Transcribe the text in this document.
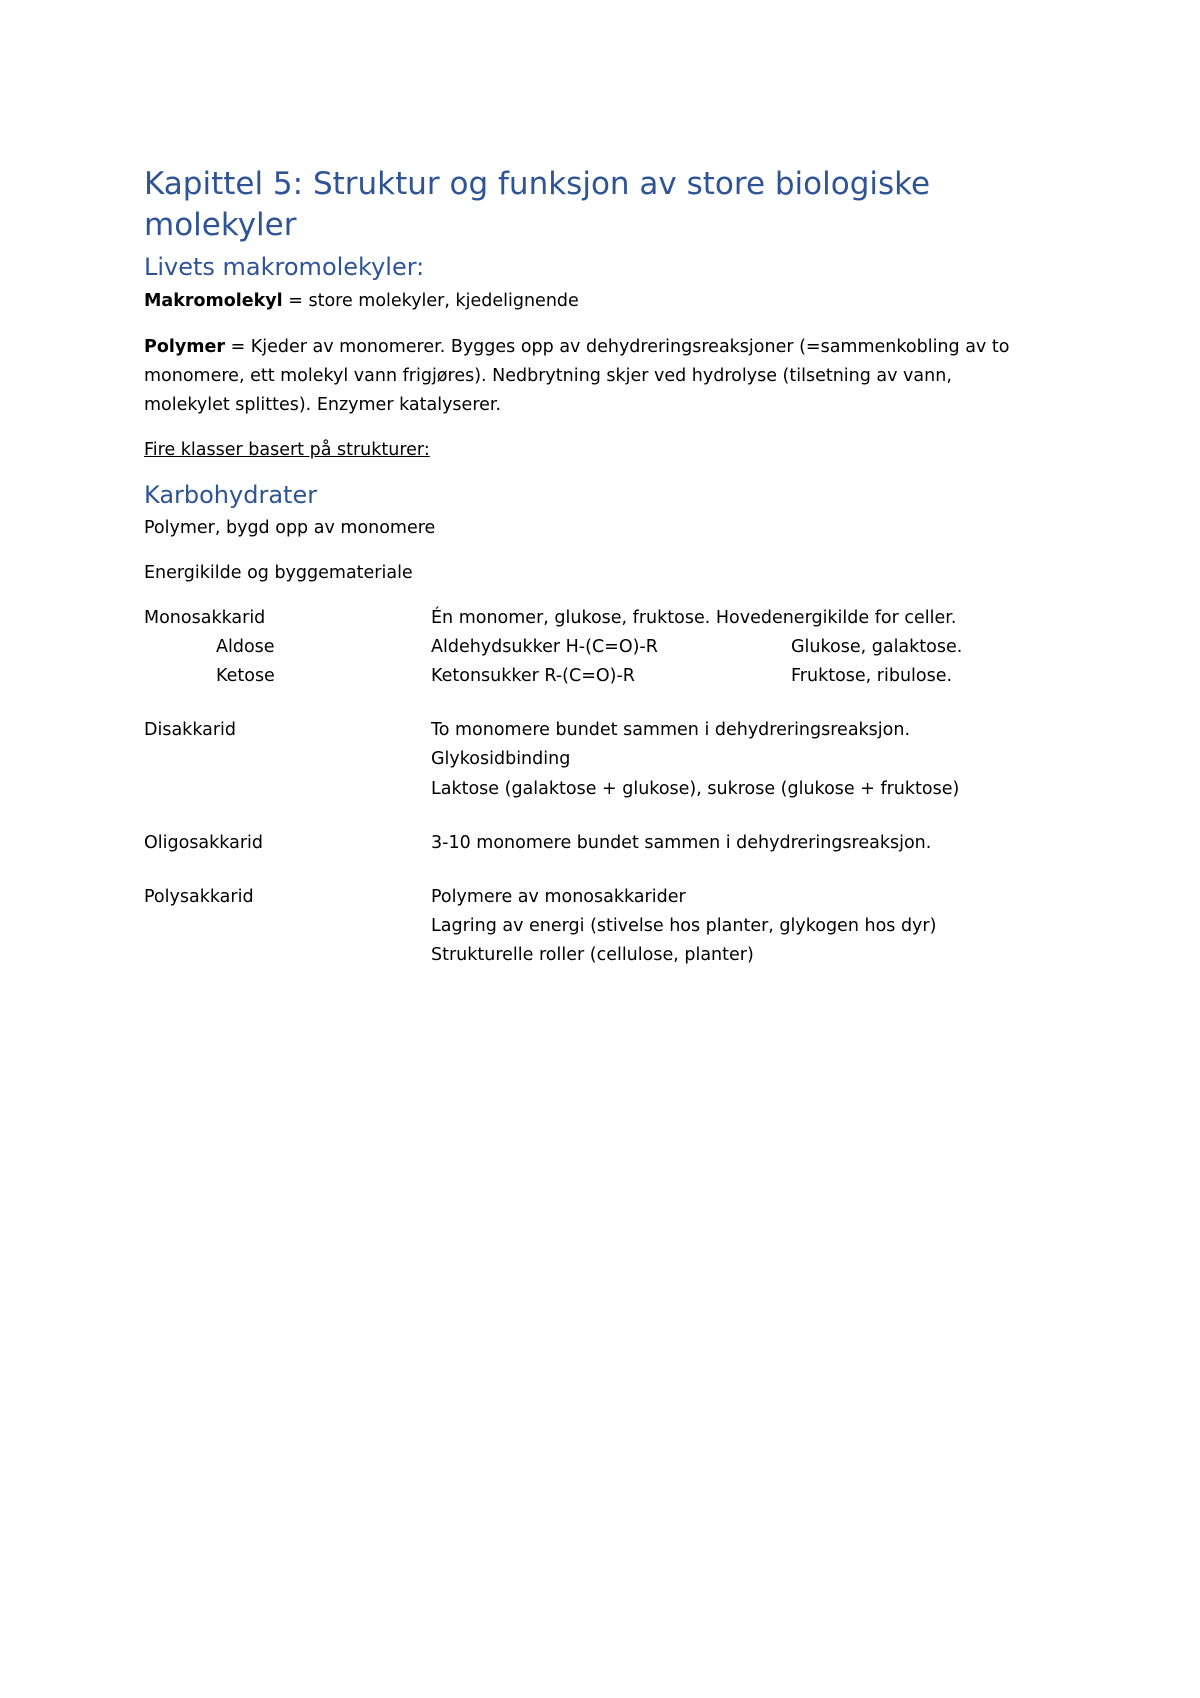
Kapittel 5: Struktur og funksjon av store biologiske molekyler
Livets makromolekyler:

Makromolekyl = store molekyler, kjedelignende

Polymer = Kjeder av monomerer. Bygges opp av dehydreringsreaksjoner (=sammenkobling av to

monomere, ett molekyl vann frigjøres). Nedbrytning skjer ved hydrolyse (tilsetning av vann,

molekylet splittes). Enzymer katalyserer.

Fire klasser basert på strukturer:

Karbohydrater

Polymer, bygd opp av monomere

Energikilde og byggemateriale

Monosakkarid	Én monomer, glukose, fruktose. Hovedenergikilde for celler.

Aldose	Aldehydsukker H-(C=O)-R	Glukose, galaktose.

Ketose	Ketonsukker R-(C=O)-R	Fruktose, ribulose.

Disakkarid	To monomere bundet sammen i dehydreringsreaksjon.

Glykosidbinding

Laktose (galaktose + glukose), sukrose (glukose + fruktose)

Oligosakkarid	3-10 monomere bundet sammen i dehydreringsreaksjon.

Polysakkarid	Polymere av monosakkarider

Lagring av energi (stivelse hos planter, glykogen hos dyr)

Strukturelle roller (cellulose, planter)
